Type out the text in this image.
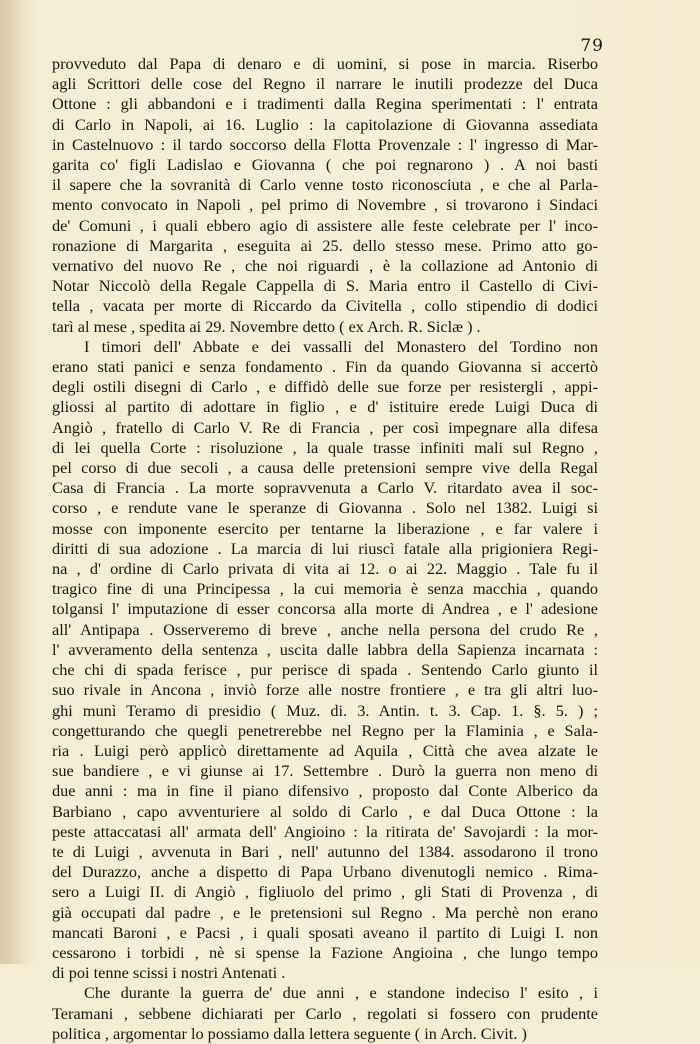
79
provveduto dal Papa di denaro e di uomini, si pose in marcia. Riserbo
agli Scrittori delle cose del Regno il narrare le inutili prodezze del Duca
Ottone : gli abbandoni e i tradimenti dalla Regina sperimentati : l' entrata
di Carlo in Napoli, ai 16. Luglio : la capitolazione di Giovanna assediata
in Castelnuovo : il tardo soccorso della Flotta Provenzale : l' ingresso di Mar-
garita co' figli Ladislao e Giovanna ( che poi regnarono ) . A noi basti
il sapere che la sovranità di Carlo venne tosto riconosciuta , e che al Parla-
mento convocato in Napoli , pel primo di Novembre , si trovarono i Sindaci
de' Comuni , i quali ebbero agio di assistere alle feste celebrate per l' inco-
ronazione di Margarita , eseguita ai 25. dello stesso mese. Primo atto go-
vernativo del nuovo Re , che noi riguardi , è la collazione ad Antonio di
Notar Niccolò della Regale Cappella di S. Maria entro il Castello di Civi-
tella , vacata per morte di Riccardo da Civitella , collo stipendio di dodici
tarì al mese , spedita ai 29. Novembre detto ( ex Arch. R. Siclæ ) .
I timori dell' Abbate e dei vassalli del Monastero del Tordino non
erano stati panici e senza fondamento . Fin da quando Giovanna si accertò
degli ostili disegni di Carlo , e diffidò delle sue forze per resistergli , appi-
gliossi al partito di adottare in figlio , e d' istituire erede Luigi Duca di
Angiò , fratello di Carlo V. Re di Francia , per così impegnare alla difesa
di lei quella Corte : risoluzione , la quale trasse infiniti mali sul Regno ,
pel corso di due secoli , a causa delle pretensioni sempre vive della Regal
Casa di Francia . La morte sopravvenuta a Carlo V. ritardato avea il soc-
corso , e rendute vane le speranze di Giovanna . Solo nel 1382. Luigi si
mosse con imponente esercito per tentarne la liberazione , e far valere i
diritti di sua adozione . La marcia di lui riuscì fatale alla prigioniera Regi-
na , d' ordine di Carlo privata di vita ai 12. o ai 22. Maggio . Tale fu il
tragico fine di una Principessa , la cui memoria è senza macchia , quando
tolgansi l' imputazione di esser concorsa alla morte di Andrea , e l' adesione
all' Antipapa . Osserveremo di breve , anche nella persona del crudo Re ,
l' avveramento della sentenza , uscita dalle labbra della Sapienza incarnata :
che chi di spada ferisce , pur perisce di spada . Sentendo Carlo giunto il
suo rivale in Ancona , inviò forze alle nostre frontiere , e tra gli altri luo-
ghi munì Teramo di presidio ( Muz. di. 3. Antin. t. 3. Cap. 1. §. 5. ) ;
congetturando che quegli penetrerebbe nel Regno per la Flaminia , e Sala-
ria . Luigi però applicò direttamente ad Aquila , Città che avea alzate le
sue bandiere , e vi giunse ai 17. Settembre . Durò la guerra non meno di
due anni : ma in fine il piano difensivo , proposto dal Conte Alberico da
Barbiano , capo avventuriere al soldo di Carlo , e dal Duca Ottone : la
peste attaccatasi all' armata dell' Angioino : la ritirata de' Savojardi : la mor-
te di Luigi , avvenuta in Bari , nell' autunno del 1384. assodarono il trono
del Durazzo, anche a dispetto di Papa Urbano divenutogli nemico . Rima-
sero a Luigi II. di Angiò , figliuolo del primo , gli Stati di Provenza , di
già occupati dal padre , e le pretensioni sul Regno . Ma perchè non erano
mancati Baroni , e Pacsi , i quali sposati aveano il partito di Luigi I. non
cessarono i torbidi , nè si spense la Fazione Angioina , che lungo tempo
di poi tenne scissi i nostri Antenati .
Che durante la guerra de' due anni , e standone indeciso l' esito , i
Teramani , sebbene dichiarati per Carlo , regolati si fossero con prudente
politica , argomentar lo possiamo dalla lettera seguente ( in Arch. Civit. )
